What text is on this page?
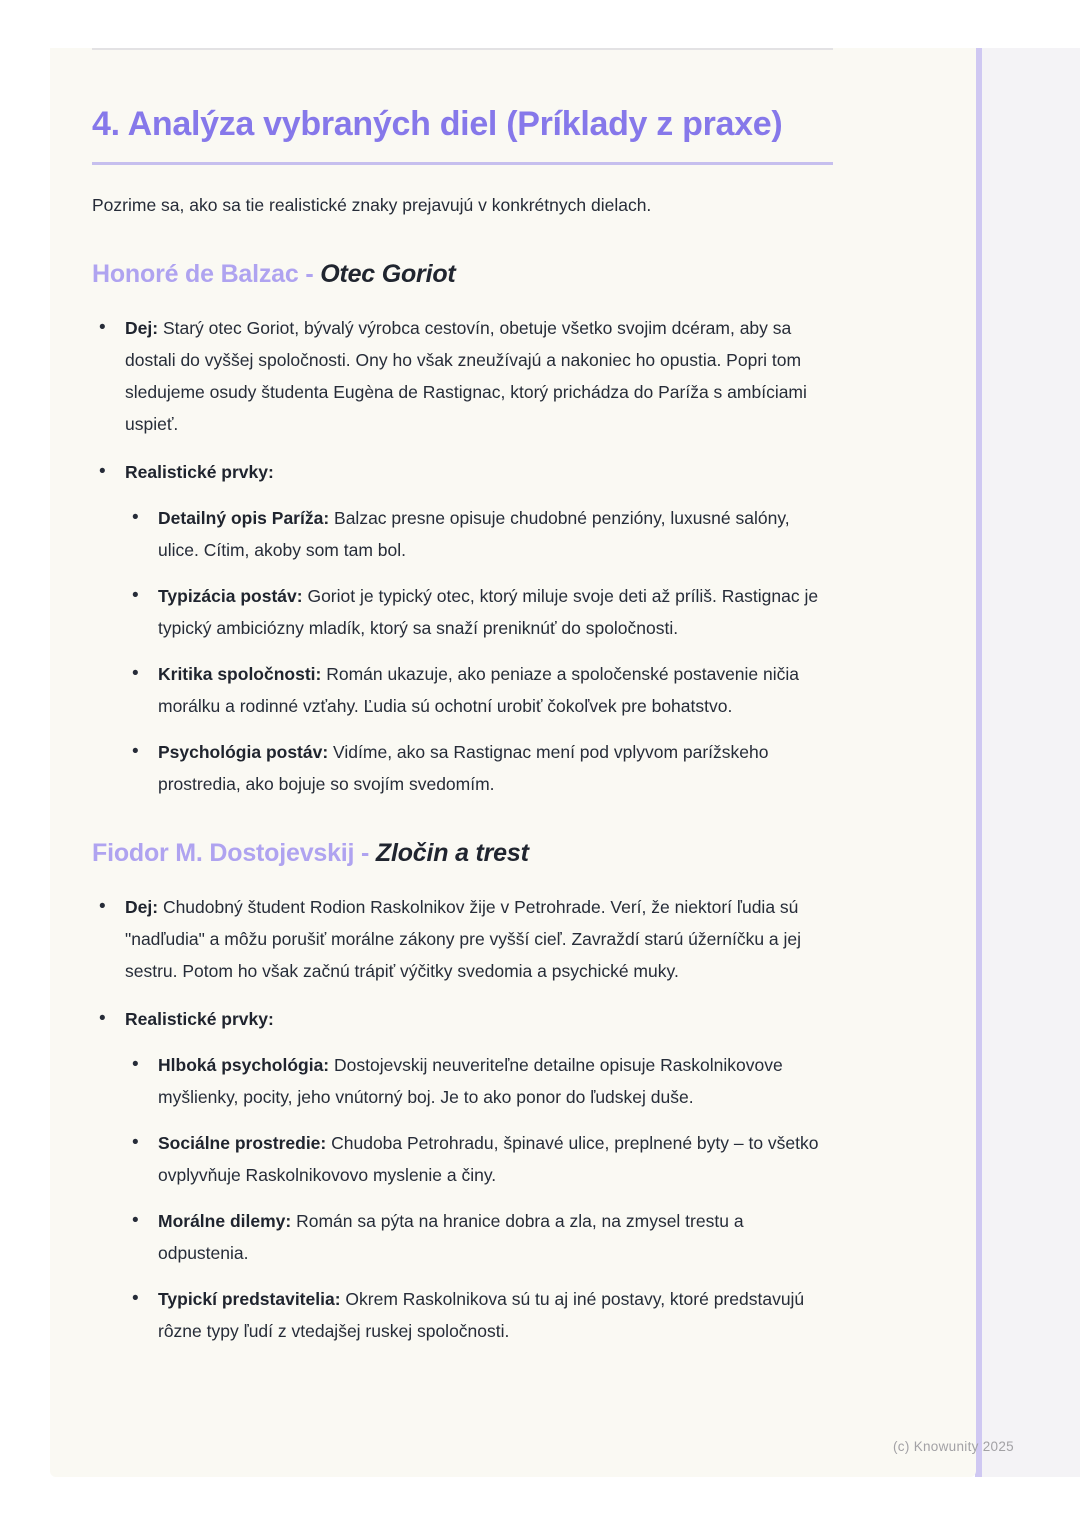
4. Analýza vybraných diel (Príklady z praxe)

Pozrime sa, ako sa tie realistické znaky prejavujú v konkrétnych dielach.

Honoré de Balzac - Otec Goriot
• Dej: Starý otec Goriot, bývalý výrobca cestovín, obetuje všetko svojim dcéram, aby sa dostali do vyššej spoločnosti. Ony ho však zneužívajú a nakoniec ho opustia. Popri tom sledujeme osudy študenta Eugèna de Rastignac, ktorý prichádza do Paríža s ambíciami uspieť.
• Realistické prvky:
• Detailný opis Paríža: Balzac presne opisuje chudobné penzióny, luxusné salóny, ulice. Cítim, akoby som tam bol.
• Typizácia postáv: Goriot je typický otec, ktorý miluje svoje deti až príliš. Rastignac je typický ambiciózny mladík, ktorý sa snaží preniknúť do spoločnosti.
• Kritika spoločnosti: Román ukazuje, ako peniaze a spoločenské postavenie ničia morálku a rodinné vzťahy. Ľudia sú ochotní urobiť čokoľvek pre bohatstvo.
• Psychológia postáv: Vidíme, ako sa Rastignac mení pod vplyvom parížskeho prostredia, ako bojuje so svojím svedomím.
Fiodor M. Dostojevskij - Zločin a trest
• Dej: Chudobný študent Rodion Raskolnikov žije v Petrohrade. Verí, že niektorí ľudia sú "nadľudia" a môžu porušiť morálne zákony pre vyšší cieľ. Zavraždí starú úžerníčku a jej sestru. Potom ho však začnú trápiť výčitky svedomia a psychické muky.
• Realistické prvky:
• Hlboká psychológia: Dostojevskij neuveriteľne detailne opisuje Raskolnikovove myšlienky, pocity, jeho vnútorný boj. Je to ako ponor do ľudskej duše.
• Sociálne prostredie: Chudoba Petrohradu, špinavé ulice, preplnené byty – to všetko ovplyvňuje Raskolnikovovo myslenie a činy.
• Morálne dilemy: Román sa pýta na hranice dobra a zla, na zmysel trestu a odpustenia.
• Typickí predstavitelia: Okrem Raskolnikova sú tu aj iné postavy, ktoré predstavujú rôzne typy ľudí z vtedajšej ruskej spoločnosti.
(c) Knowunity 2025
